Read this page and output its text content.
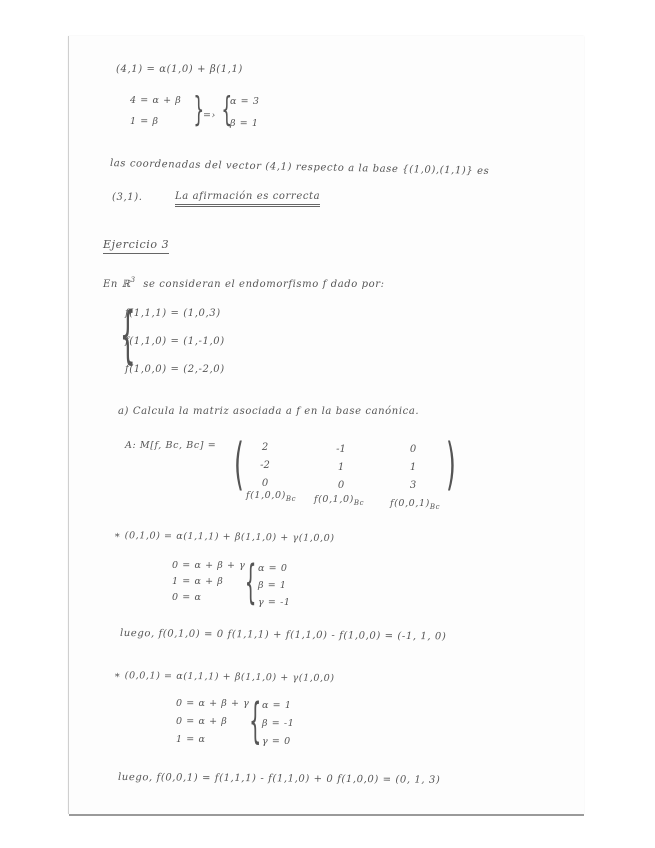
(4,1) = α(1,0) + β(1,1)
4 = α + β
1 = β }
=› {
α = 3
β = 1
las coordenadas del vector (4,1) respecto a la base {(1,0),(1,1)} es
(3,1).	La afirmación es correcta
Ejercicio 3
En ℝ$^3$ se consideran el endomorfismo f dado por:
{
f(1,1,1) = (1,0,3)
f(1,1,0) = (1,-1,0)
f(1,0,0) = (2,-2,0)
a) Calcula la matriz asociada a f en la base canónica.
A: M[f, Bc, Bc] = (	)
2	-1	0
-2	1	1
0	0	3
$f(1,0,0)_{Bc}$ $f(0,1,0)_{Bc}$	$f(0,0,1)_{Bc}$
∗ (0,1,0) = α(1,1,1) + β(1,1,0) + γ(1,0,0)
0 = α + β + γ
1 = α + β
0 = α { α = 0
β = 1
γ = -1
luego, f(0,1,0) = 0 f(1,1,1) + f(1,1,0) - f(1,0,0) = (-1, 1, 0)
∗ (0,0,1) = α(1,1,1) + β(1,1,0) + γ(1,0,0)
0 = α + β + γ
0 = α + β
1 = α { α = 1
β = -1
γ = 0
luego, f(0,0,1) = f(1,1,1) - f(1,1,0) + 0 f(1,0,0) = (0, 1, 3)
